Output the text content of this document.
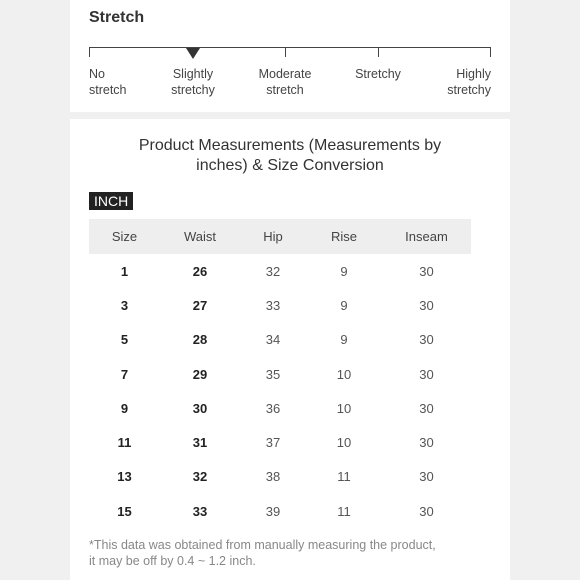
Stretch
No
stretch
Slightly
stretchy
Moderate
stretch
Stretchy	Highly
stretchy
Product Measurements (Measurements by
inches) & Size Conversion
INCH
Size	Waist	Hip	Rise	Inseam
1	26	32	9	30
3	27	33	9	30
5	28	34	9	30
7	29	35	10	30
9	30	36	10	30
11	31	37	10	30
13	32	38	11	30
15	33	39	11	30
*This data was obtained from manually measuring the product,
it may be off by 0.4 ~ 1.2 inch.
